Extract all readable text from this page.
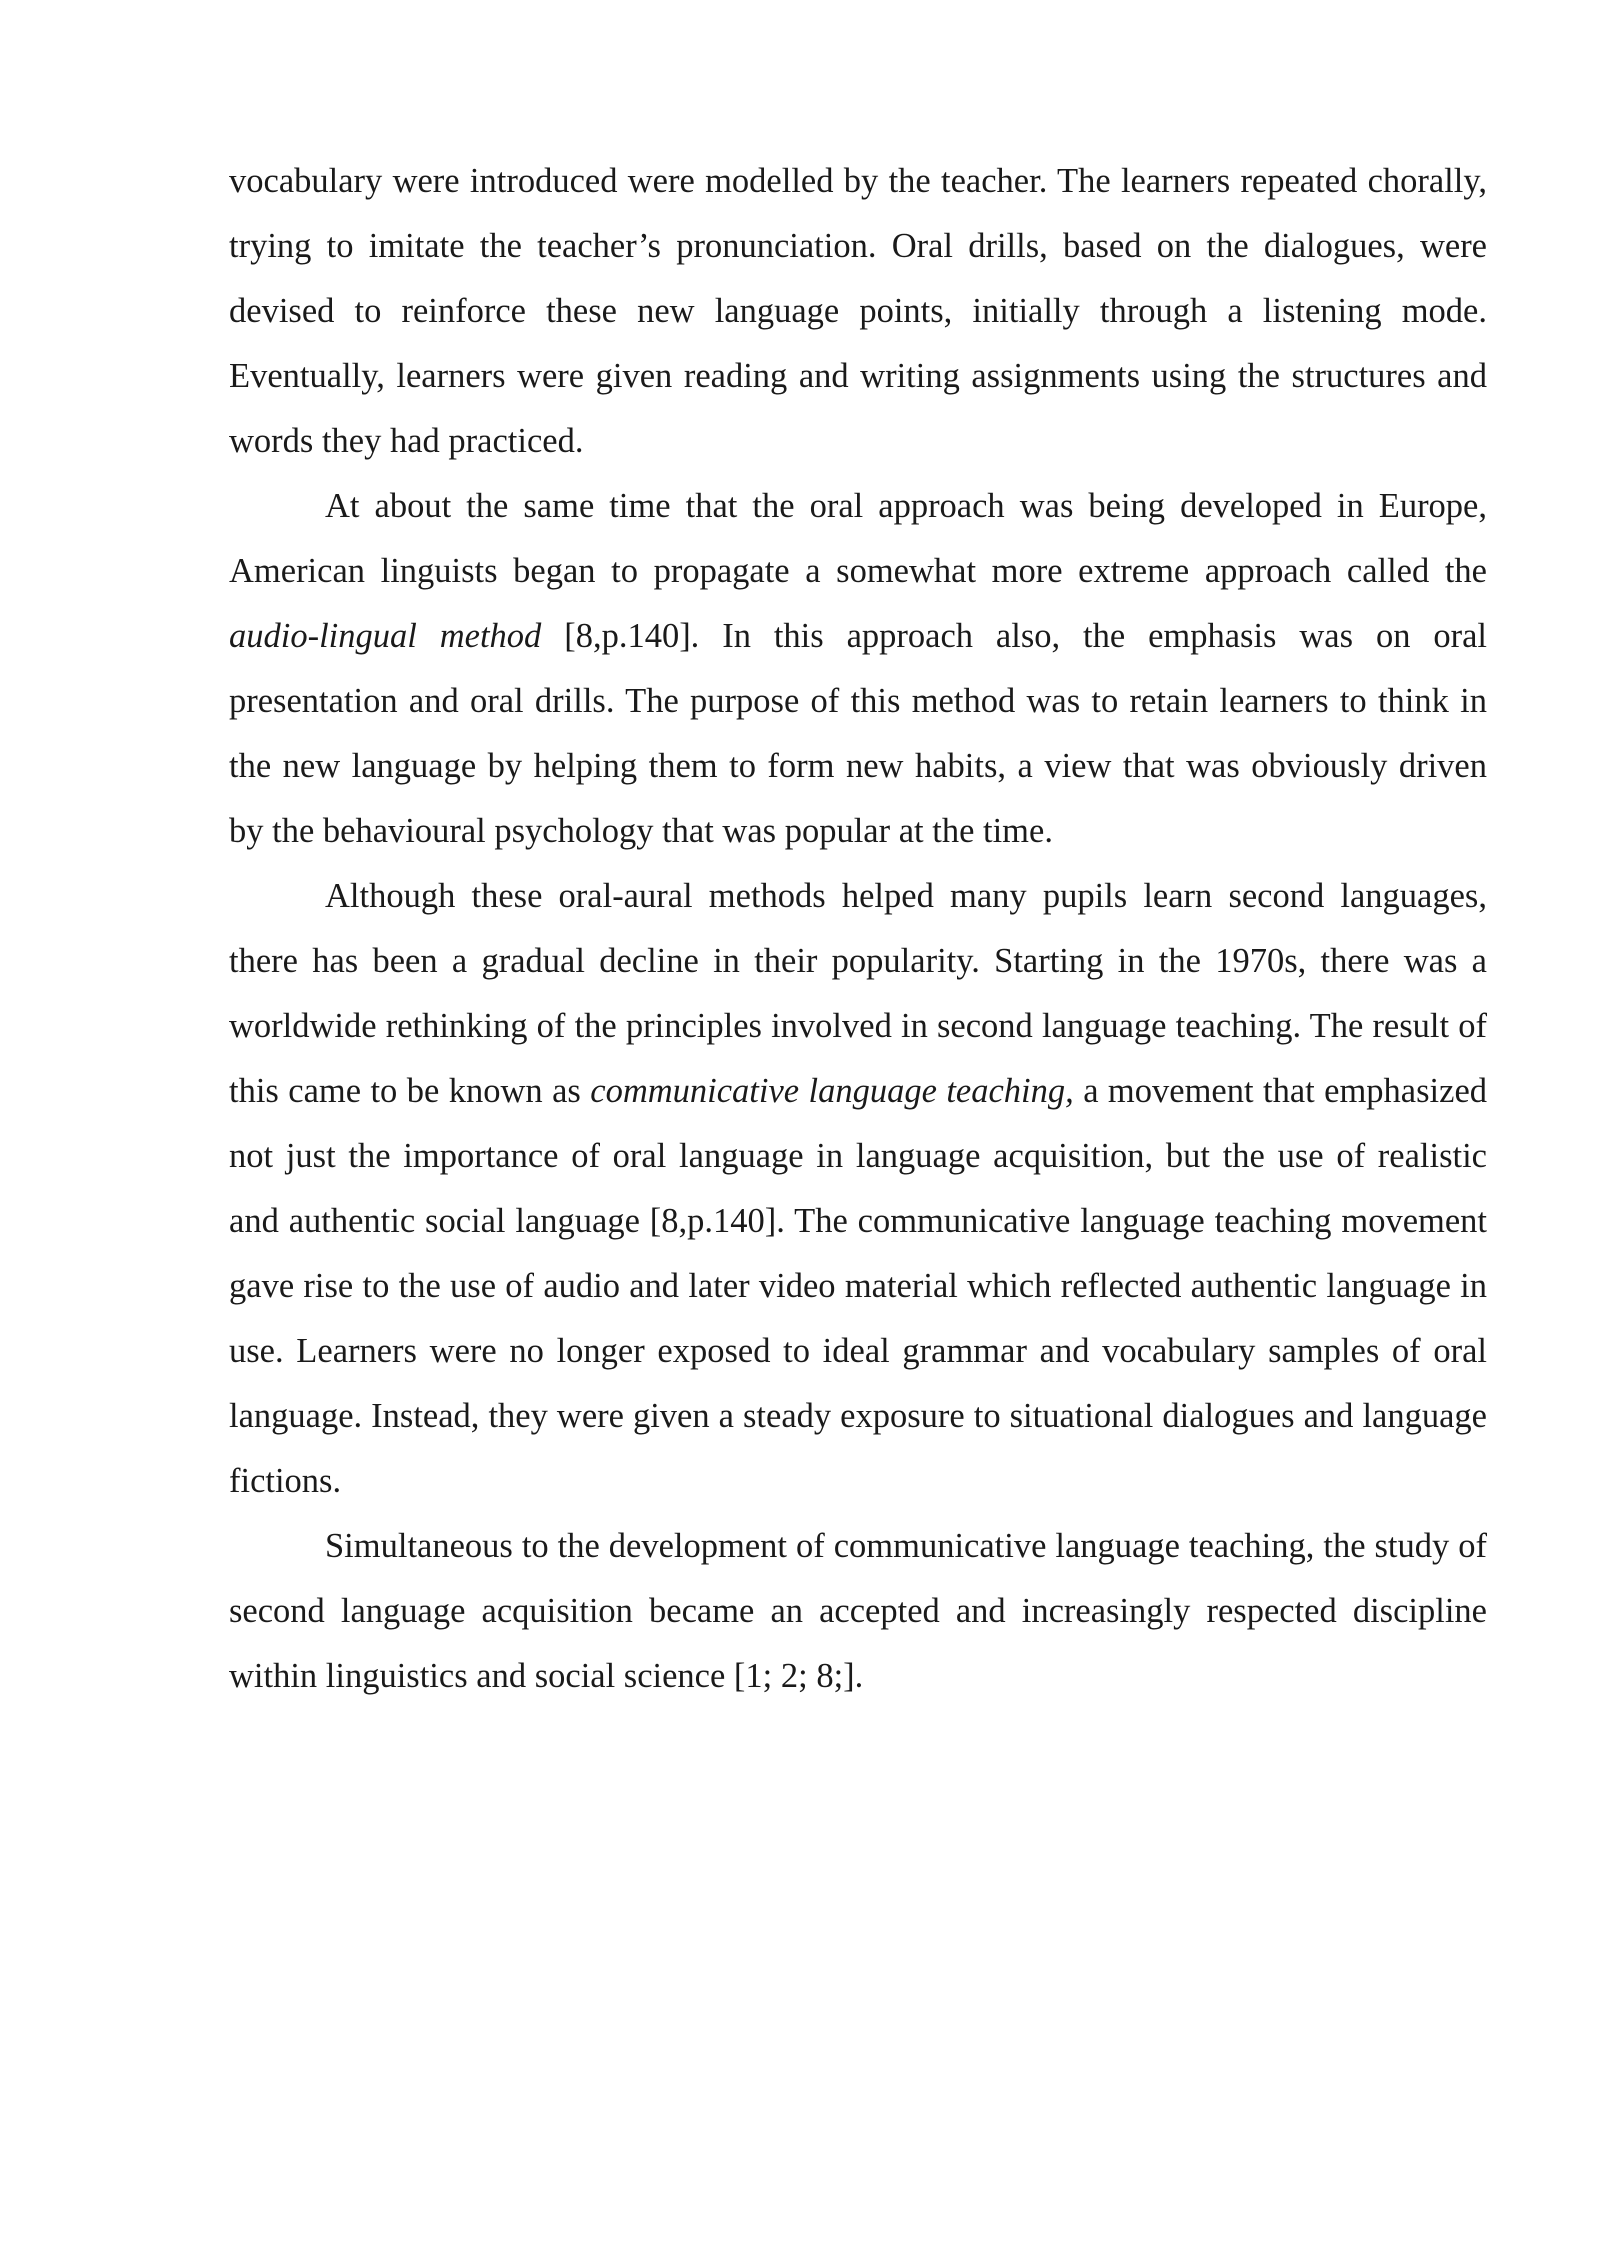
vocabulary were introduced were modelled by the teacher. The learners repeated chorally, trying to imitate the teacher’s pronunciation. Oral drills, based on the dialogues, were devised to reinforce these new language points, initially through a listening mode. Eventually, learners were given reading and writing assignments using the structures and words they had practiced.

At about the same time that the oral approach was being developed in Europe, American linguists began to propagate a somewhat more extreme approach called the audio-lingual method [8,p.140]. In this approach also, the emphasis was on oral presentation and oral drills. The purpose of this method was to retain learners to think in the new language by helping them to form new habits, a view that was obviously driven by the behavioural psychology that was popular at the time.

Although these oral-aural methods helped many pupils learn second languages, there has been a gradual decline in their popularity. Starting in the 1970s, there was a worldwide rethinking of the principles involved in second language teaching. The result of this came to be known as communicative language teaching, a movement that emphasized not just the importance of oral language in language acquisition, but the use of realistic and authentic social language [8,p.140]. The communicative language teaching movement gave rise to the use of audio and later video material which reflected authentic language in use. Learners were no longer exposed to ideal grammar and vocabulary samples of oral language. Instead, they were given a steady exposure to situational dialogues and language fictions.

Simultaneous to the development of communicative language teaching, the study of second language acquisition became an accepted and increasingly respected discipline within linguistics and social science [1; 2; 8;].
